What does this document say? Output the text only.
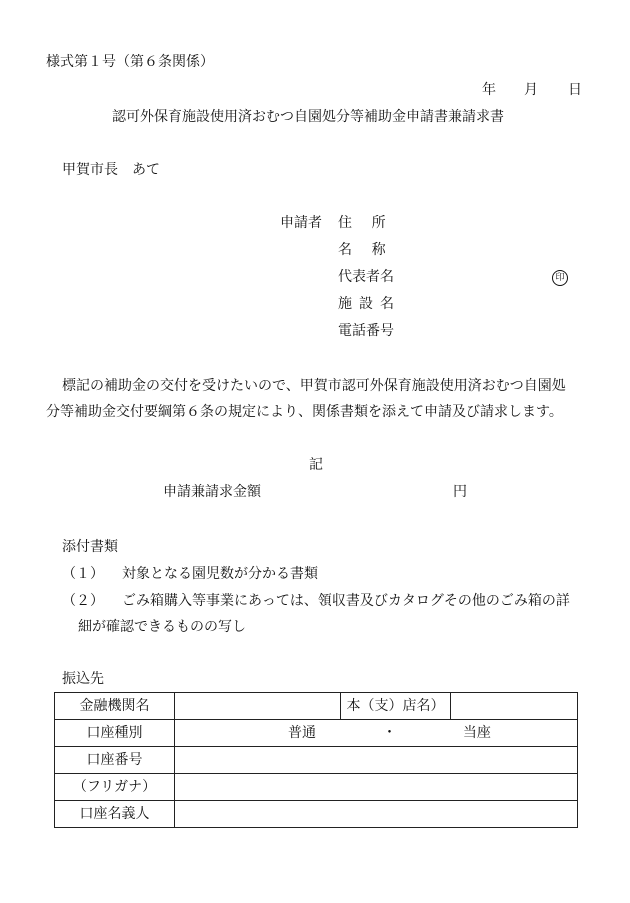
様式第１号（第６条関係）
年 月 日
認可外保育施設使用済おむつ自園処分等補助金申請書兼請求書
甲賀市長　あて
申請者 住所
名称
代表者名	印
施設名
電話番号
標記の補助金の交付を受けたいので、甲賀市認可外保育施設使用済おむつ自園処
分等補助金交付要綱第６条の規定により、関係書類を添えて申請及び請求します。
記
申請兼請求金額	円
添付書類
（１） 対象となる園児数が分かる書類
（２） ごみ箱購入等事業にあっては、領収書及びカタログその他のごみ箱の詳
細が確認できるものの写し
振込先
金融機関名		本（支）店名）	
口座種別	普通 ・ 当座		
口座番号			
（フリガナ）			
口座名義人			
